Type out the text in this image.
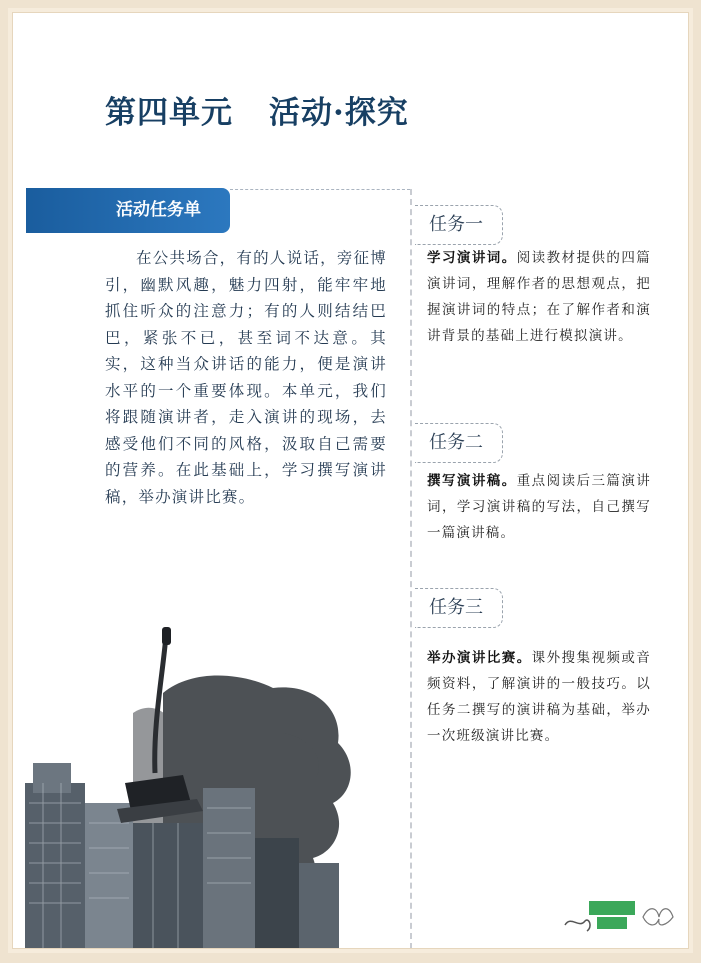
第四单元 活动·探究
活动任务单

在公共场合，有的人说话，旁征博引，幽默风趣，魅力四射，能牢牢地抓住听众的注意力；有的人则结结巴巴，紧张不已，甚至词不达意。其实，这种当众讲话的能力，便是演讲水平的一个重要体现。本单元，我们将跟随演讲者，走入演讲的现场，去感受他们不同的风格，汲取自己需要的营养。在此基础上，学习撰写演讲稿，举办演讲比赛。

任务一

学习演讲词。阅读教材提供的四篇演讲词，理解作者的思想观点，把握演讲词的特点；在了解作者和演讲背景的基础上进行模拟演讲。

任务二

撰写演讲稿。重点阅读后三篇演讲词，学习演讲稿的写法，自己撰写一篇演讲稿。

任务三

举办演讲比赛。课外搜集视频或音频资料，了解演讲的一般技巧。以任务二撰写的演讲稿为基础，举办一次班级演讲比赛。
